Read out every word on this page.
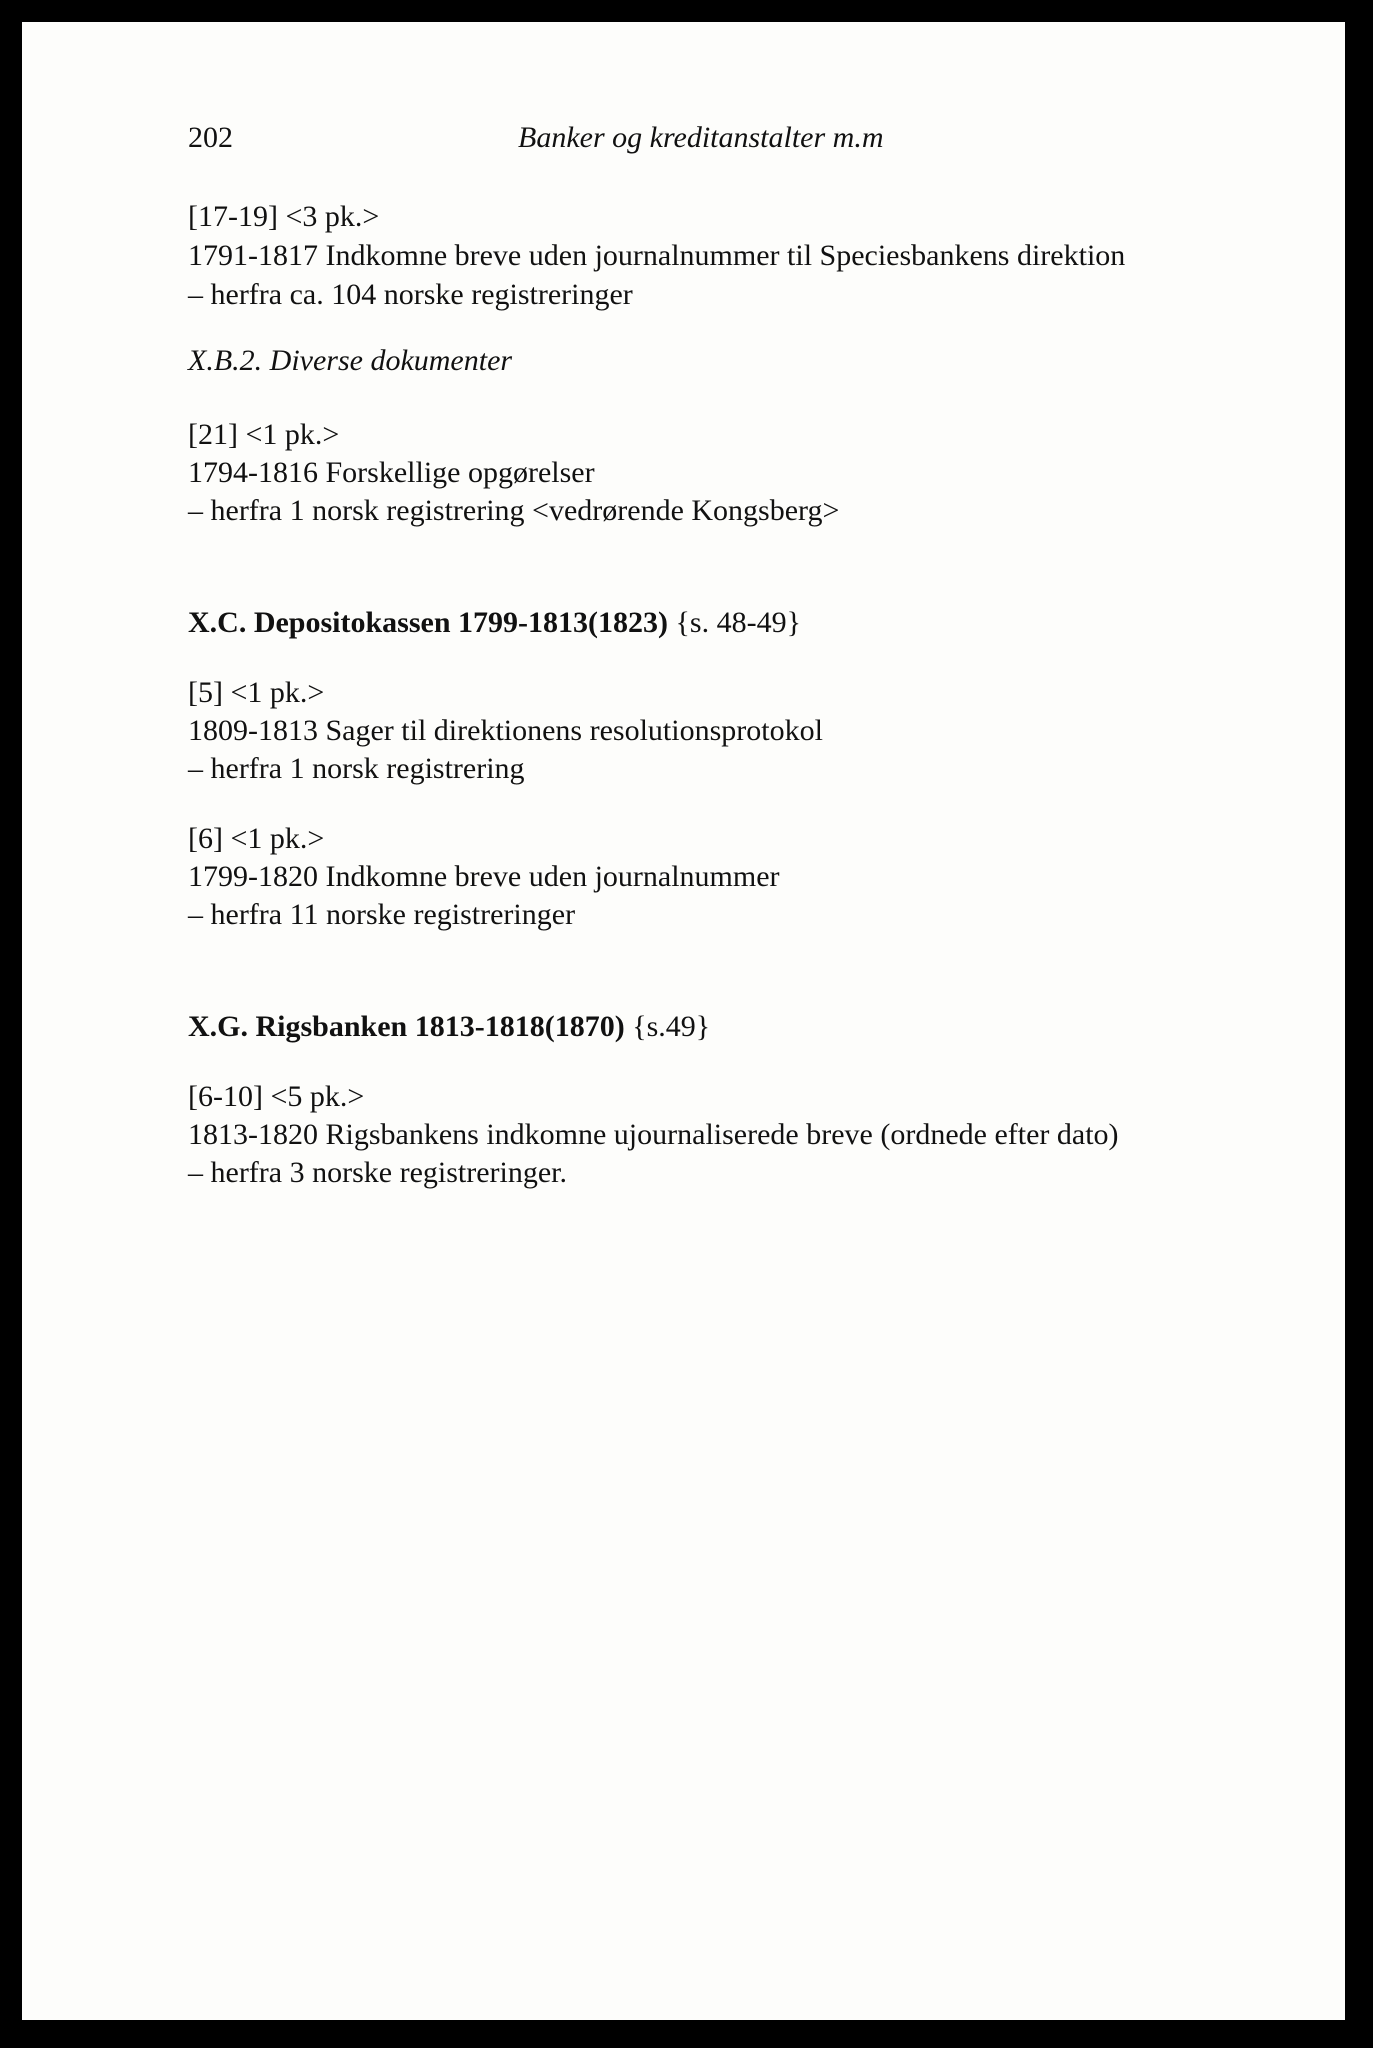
202	Banker og kreditanstalter m.m
[17-19] <3 pk.>
1791-1817 Indkomne breve uden journalnummer til Speciesbankens direktion
– herfra ca. 104 norske registreringer
X.B.2. Diverse dokumenter
[21] <1 pk.>
1794-1816 Forskellige opgørelser
– herfra 1 norsk registrering <vedrørende Kongsberg>
X.C. Depositokassen 1799-1813(1823) {s. 48-49}
[5] <1 pk.>
1809-1813 Sager til direktionens resolutionsprotokol
– herfra 1 norsk registrering
[6] <1 pk.>
1799-1820 Indkomne breve uden journalnummer
– herfra 11 norske registreringer
X.G. Rigsbanken 1813-1818(1870) {s.49}
[6-10] <5 pk.>
1813-1820 Rigsbankens indkomne ujournaliserede breve (ordnede efter dato)
– herfra 3 norske registreringer.
